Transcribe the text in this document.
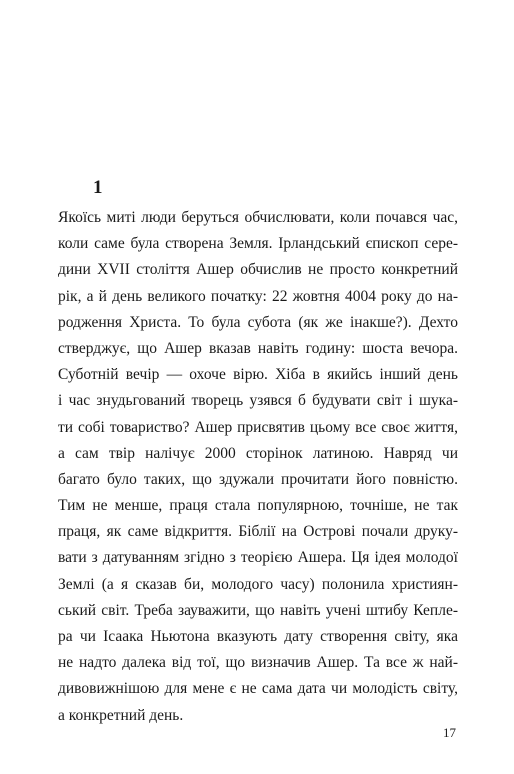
1
Якоїсь миті люди беруться обчислювати, коли почався час,
коли саме була створена Земля. Ірландський єпископ сере-
дини XVII століття Ашер обчислив не просто конкретний
рік, а й день великого початку: 22 жовтня 4004 року до на-
родження Христа. То була субота (як же інакше?). Дехто
стверджує, що Ашер вказав навіть годину: шоста вечора.
Суботній вечір — охоче вірю. Хіба в якийсь інший день
і час знудьгований творець узявся б будувати світ і шука-
ти собі товариство? Ашер присвятив цьому все своє життя,
а сам твір налічує 2000 сторінок латиною. Навряд чи
багато було таких, що здужали прочитати його повністю.
Тим не менше, праця стала популярною, точніше, не так
праця, як саме відкриття. Біблії на Острові почали друку-
вати з датуванням згідно з теорією Ашера. Ця ідея молодої
Землі (а я сказав би, молодого часу) полонила християн-
ський світ. Треба зауважити, що навіть учені штибу Кепле-
ра чи Ісаака Ньютона вказують дату створення світу, яка
не надто далека від тої, що визначив Ашер. Та все ж най-
дивовижнішою для мене є не сама дата чи молодість світу,
а конкретний день.
17
